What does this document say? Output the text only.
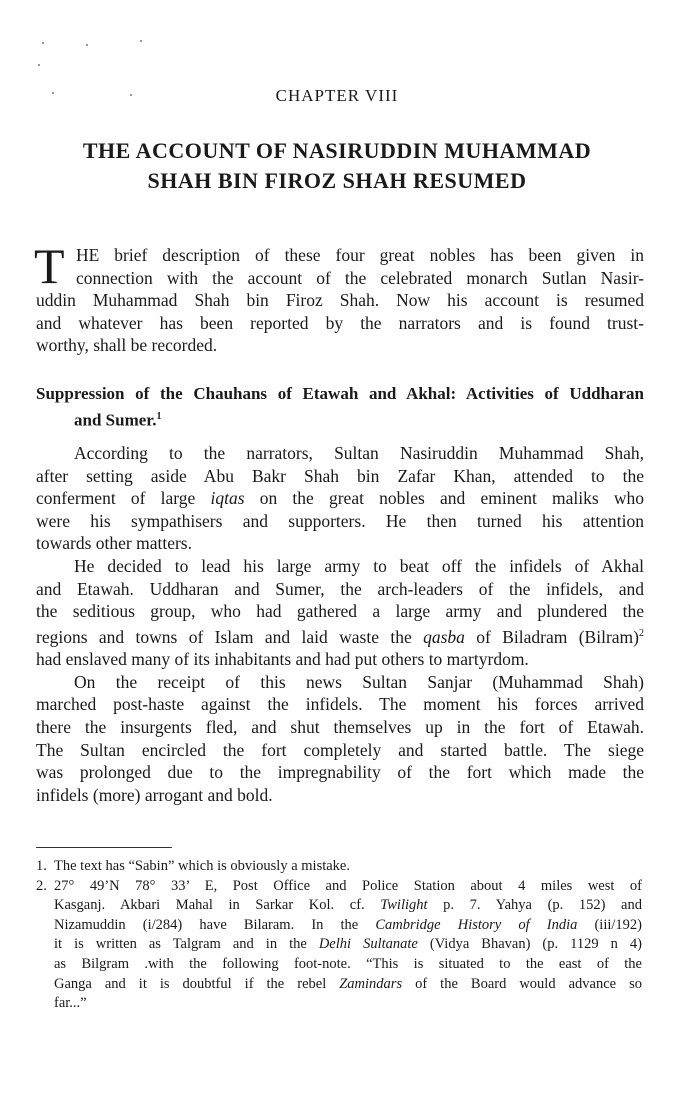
CHAPTER VIII
THE ACCOUNT OF NASIRUDDIN MUHAMMAD
SHAH BIN FIROZ SHAH RESUMED
T HE brief description of these four great nobles has been given in
connection with the account of the celebrated monarch Sutlan Nasir-
uddin Muhammad Shah bin Firoz Shah. Now his account is resumed
and whatever has been reported by the narrators and is found trust-
worthy, shall be recorded.
Suppression of the Chauhans of Etawah and Akhal: Activities of Uddharan
and Sumer.$^1$
According to the narrators, Sultan Nasiruddin Muhammad Shah,
after setting aside Abu Bakr Shah bin Zafar Khan, attended to the
conferment of large iqtas on the great nobles and eminent maliks who
were his sympathisers and supporters. He then turned his attention
towards other matters.
He decided to lead his large army to beat off the infidels of Akhal
and Etawah. Uddharan and Sumer, the arch-leaders of the infidels, and
the seditious group, who had gathered a large army and plundered the
regions and towns of Islam and laid waste the qasba of Biladram (Bilram)$^2$
had enslaved many of its inhabitants and had put others to martyrdom.
On the receipt of this news Sultan Sanjar (Muhammad Shah)
marched post-haste against the infidels. The moment his forces arrived
there the insurgents fled, and shut themselves up in the fort of Etawah.
The Sultan encircled the fort completely and started battle. The siege
was prolonged due to the impregnability of the fort which made the
infidels (more) arrogant and bold.
1. The text has “Sabin” which is obviously a mistake.
2. 27° 49’N 78° 33’ E, Post Office and Police Station about 4 miles west of
Kasganj. Akbari Mahal in Sarkar Kol. cf. Twilight p. 7. Yahya (p. 152) and
Nizamuddin (i/284) have Bilaram. In the Cambridge History of India (iii/192)
it is written as Talgram and in the Delhi Sultanate (Vidya Bhavan) (p. 1129 n 4)
as Bilgram .with the following foot-note. “This is situated to the east of the
Ganga and it is doubtful if the rebel Zamindars of the Board would advance so
far...”
